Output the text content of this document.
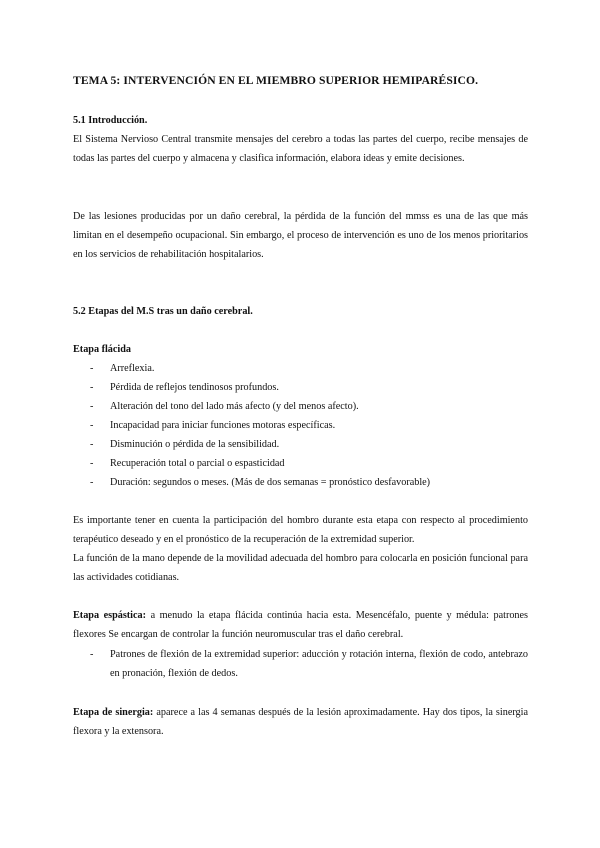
TEMA 5: INTERVENCIÓN EN EL MIEMBRO SUPERIOR HEMIPARÉSICO.
5.1 Introducción.
El Sistema Nervioso Central transmite mensajes del cerebro a todas las partes del cuerpo, recibe mensajes de todas las partes del cuerpo y almacena y clasifica información, elabora ideas y emite decisiones.
De las lesiones producidas por un daño cerebral, la pérdida de la función del mmss es una de las que más limitan en el desempeño ocupacional. Sin embargo, el proceso de intervención es uno de los menos prioritarios en los servicios de rehabilitación hospitalarios.
5.2 Etapas del M.S tras un daño cerebral.
Etapa flácida
- Arreflexia.
- Pérdida de reflejos tendinosos profundos.
- Alteración del tono del lado más afecto (y del menos afecto).
- Incapacidad para iniciar funciones motoras específicas.
- Disminución o pérdida de la sensibilidad.
- Recuperación total o parcial o espasticidad
- Duración: segundos o meses. (Más de dos semanas = pronóstico desfavorable)
Es importante tener en cuenta la participación del hombro durante esta etapa con respecto al procedimiento terapéutico deseado y en el pronóstico de la recuperación de la extremidad superior.
La función de la mano depende de la movilidad adecuada del hombro para colocarla en posición funcional para las actividades cotidianas.
Etapa espástica: a menudo la etapa flácida continúa hacia esta. Mesencéfalo, puente y médula: patrones flexores Se encargan de controlar la función neuromuscular tras el daño cerebral.
- Patrones de flexión de la extremidad superior: aducción y rotación interna, flexión de codo, antebrazo en pronación, flexión de dedos.
Etapa de sinergia: aparece a las 4 semanas después de la lesión aproximadamente. Hay dos tipos, la sinergia flexora y la extensora.
